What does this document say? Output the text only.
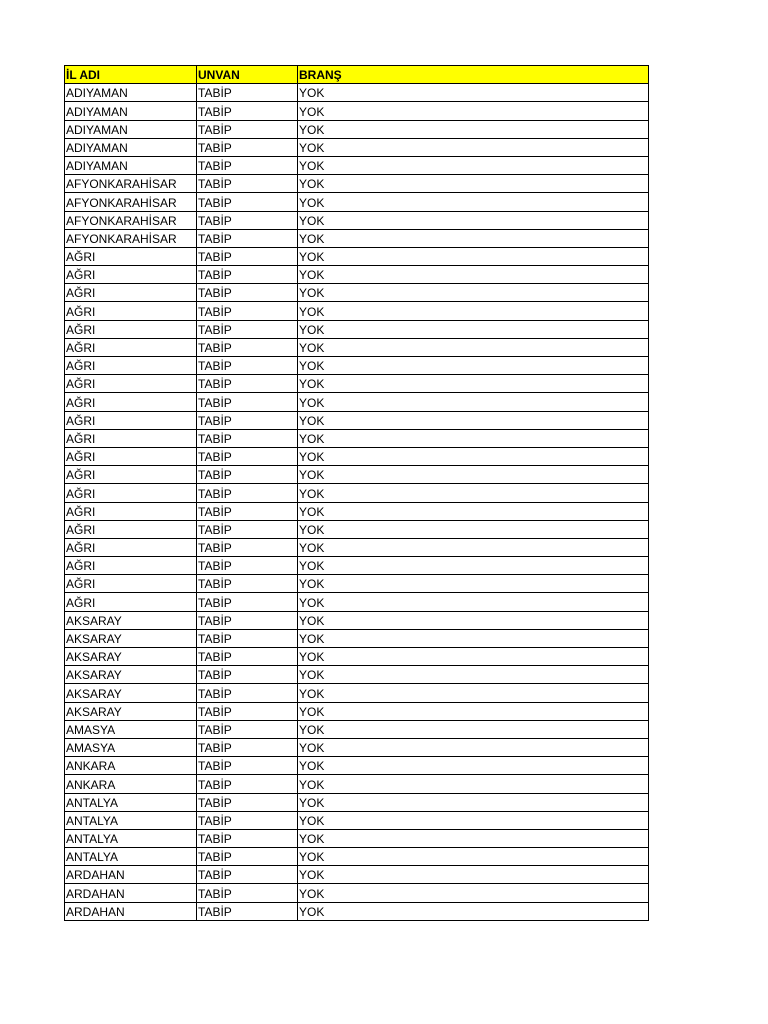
İL ADI	UNVAN	BRANŞ
ADIYAMAN	TABİP	YOK
ADIYAMAN	TABİP	YOK
ADIYAMAN	TABİP	YOK
ADIYAMAN	TABİP	YOK
ADIYAMAN	TABİP	YOK
AFYONKARAHİSAR	TABİP	YOK
AFYONKARAHİSAR	TABİP	YOK
AFYONKARAHİSAR	TABİP	YOK
AFYONKARAHİSAR	TABİP	YOK
AĞRI	TABİP	YOK
AĞRI	TABİP	YOK
AĞRI	TABİP	YOK
AĞRI	TABİP	YOK
AĞRI	TABİP	YOK
AĞRI	TABİP	YOK
AĞRI	TABİP	YOK
AĞRI	TABİP	YOK
AĞRI	TABİP	YOK
AĞRI	TABİP	YOK
AĞRI	TABİP	YOK
AĞRI	TABİP	YOK
AĞRI	TABİP	YOK
AĞRI	TABİP	YOK
AĞRI	TABİP	YOK
AĞRI	TABİP	YOK
AĞRI	TABİP	YOK
AĞRI	TABİP	YOK
AĞRI	TABİP	YOK
AĞRI	TABİP	YOK
AKSARAY	TABİP	YOK
AKSARAY	TABİP	YOK
AKSARAY	TABİP	YOK
AKSARAY	TABİP	YOK
AKSARAY	TABİP	YOK
AKSARAY	TABİP	YOK
AMASYA	TABİP	YOK
AMASYA	TABİP	YOK
ANKARA	TABİP	YOK
ANKARA	TABİP	YOK
ANTALYA	TABİP	YOK
ANTALYA	TABİP	YOK
ANTALYA	TABİP	YOK
ANTALYA	TABİP	YOK
ARDAHAN	TABİP	YOK
ARDAHAN	TABİP	YOK
ARDAHAN	TABİP	YOK
